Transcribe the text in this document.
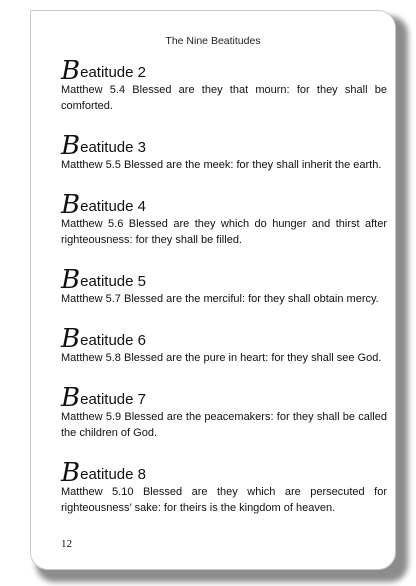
The Nine Beatitudes
Beatitude 2

Matthew 5.4 Blessed are they that mourn: for they shall be comforted.

Beatitude 3

Matthew 5.5 Blessed are the meek: for they shall inherit the earth.

Beatitude 4

Matthew 5.6 Blessed are they which do hunger and thirst after righteousness: for they shall be filled.

Beatitude 5

Matthew 5.7 Blessed are the merciful: for they shall obtain mercy.

Beatitude 6

Matthew 5.8 Blessed are the pure in heart: for they shall see God.

Beatitude 7

Matthew 5.9 Blessed are the peacemakers: for they shall be called the children of God.

Beatitude 8

Matthew 5.10 Blessed are they which are persecuted for righteousness’ sake: for theirs is the kingdom of heaven.

12
